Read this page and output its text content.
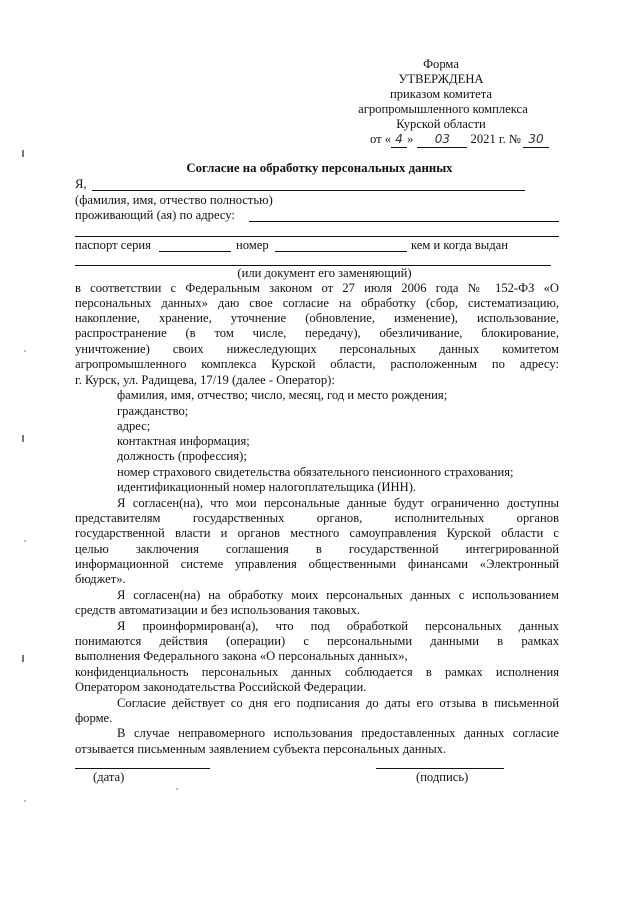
Форма
УТВЕРЖДЕНА
приказом комитета
агропромышленного комплекса
Курской области
от « 4 » 03 2021 г. № 30
Согласие на обработку персональных данных
Я,
(фамилия, имя, отчество полностью)
проживающий (ая) по адресу:
паспорт серия	номер	кем и когда выдан
(или документ его заменяющий)
в соответствии с Федеральным законом от 27 июля 2006 года № 152-ФЗ «О
персональных данных» даю свое согласие на обработку (сбор, систематизацию,
накопление, хранение, уточнение (обновление, изменение), использование,
распространение (в том числе, передачу), обезличивание, блокирование,
уничтожение) своих нижеследующих персональных данных комитетом
агропромышленного комплекса Курской области, расположенным по адресу:
г. Курск, ул. Радищева, 17/19 (далее - Оператор):
фамилия, имя, отчество; число, месяц, год и место рождения;
гражданство;
адрес;
контактная информация;
должность (профессия);
номер страхового свидетельства обязательного пенсионного страхования;
идентификационный номер налогоплательщика (ИНН).
Я согласен(на), что мои персональные данные будут ограниченно доступны
представителям государственных органов, исполнительных органов
государственной власти и органов местного самоуправления Курской области с
целью заключения соглашения в государственной интегрированной
информационной системе управления общественными финансами «Электронный
бюджет».
Я согласен(на) на обработку моих персональных данных с использованием
средств автоматизации и без использования таковых.
Я проинформирован(а), что под обработкой персональных данных
понимаются действия (операции) с персональными данными в рамках
выполнения Федерального закона «О персональных данных»,
конфиденциальность персональных данных соблюдается в рамках исполнения
Оператором законодательства Российской Федерации.
Согласие действует со дня его подписания до даты его отзыва в письменной
форме.
В случае неправомерного использования предоставленных данных согласие
отзывается письменным заявлением субъекта персональных данных.
(дата)	(подпись)
